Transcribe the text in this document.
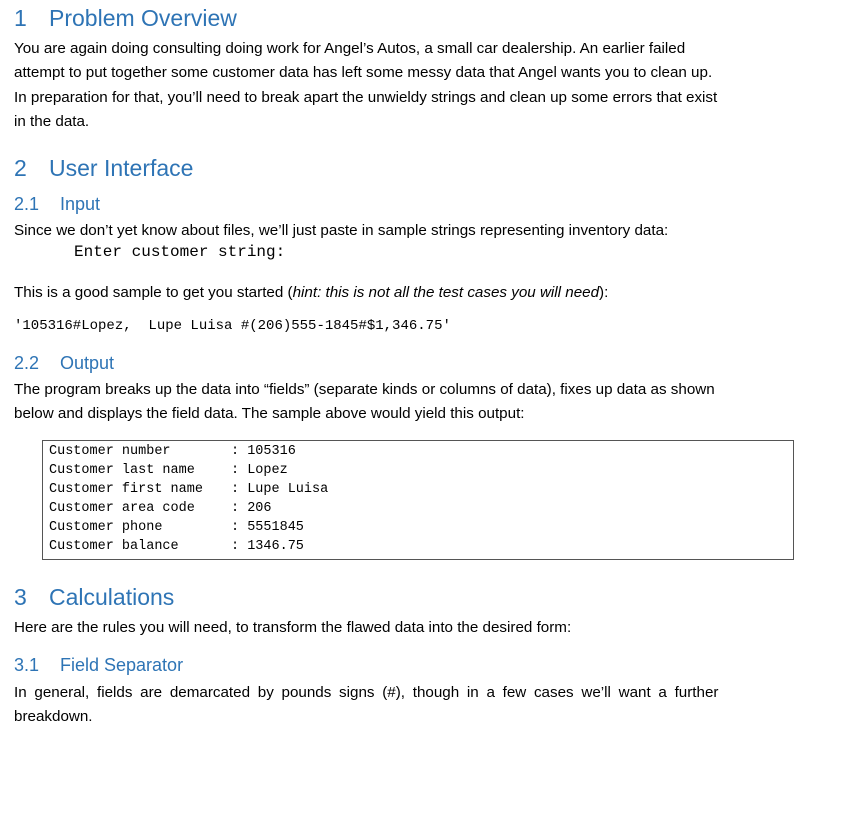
1 Problem Overview
You are again doing consulting doing work for Angel’s Autos, a small car dealership. An earlier failed
attempt to put together some customer data has left some messy data that Angel wants you to clean up.
In preparation for that, you’ll need to break apart the unwieldy strings and clean up some errors that exist
in the data.
2 User Interface
2.1 Input
Since we don’t yet know about files, we’ll just paste in sample strings representing inventory data:
Enter customer string:
This is a good sample to get you started (hint: this is not all the test cases you will need):
'105316#Lopez,  Lupe Luisa #(206)555-1845#$1,346.75'
2.2 Output
The program breaks up the data into “fields” (separate kinds or columns of data), fixes up data as shown
below and displays the field data. The sample above would yield this output:
Customer number	: 105316
Customer last name	: Lopez
Customer first name : Lupe Luisa
Customer area code	: 206
Customer phone	: 5551845
Customer balance	: 1346.75
3 Calculations
Here are the rules you will need, to transform the flawed data into the desired form:
3.1 Field Separator
In general, fields are demarcated by pounds signs (#), though in a few cases we’ll want a further
breakdown.
